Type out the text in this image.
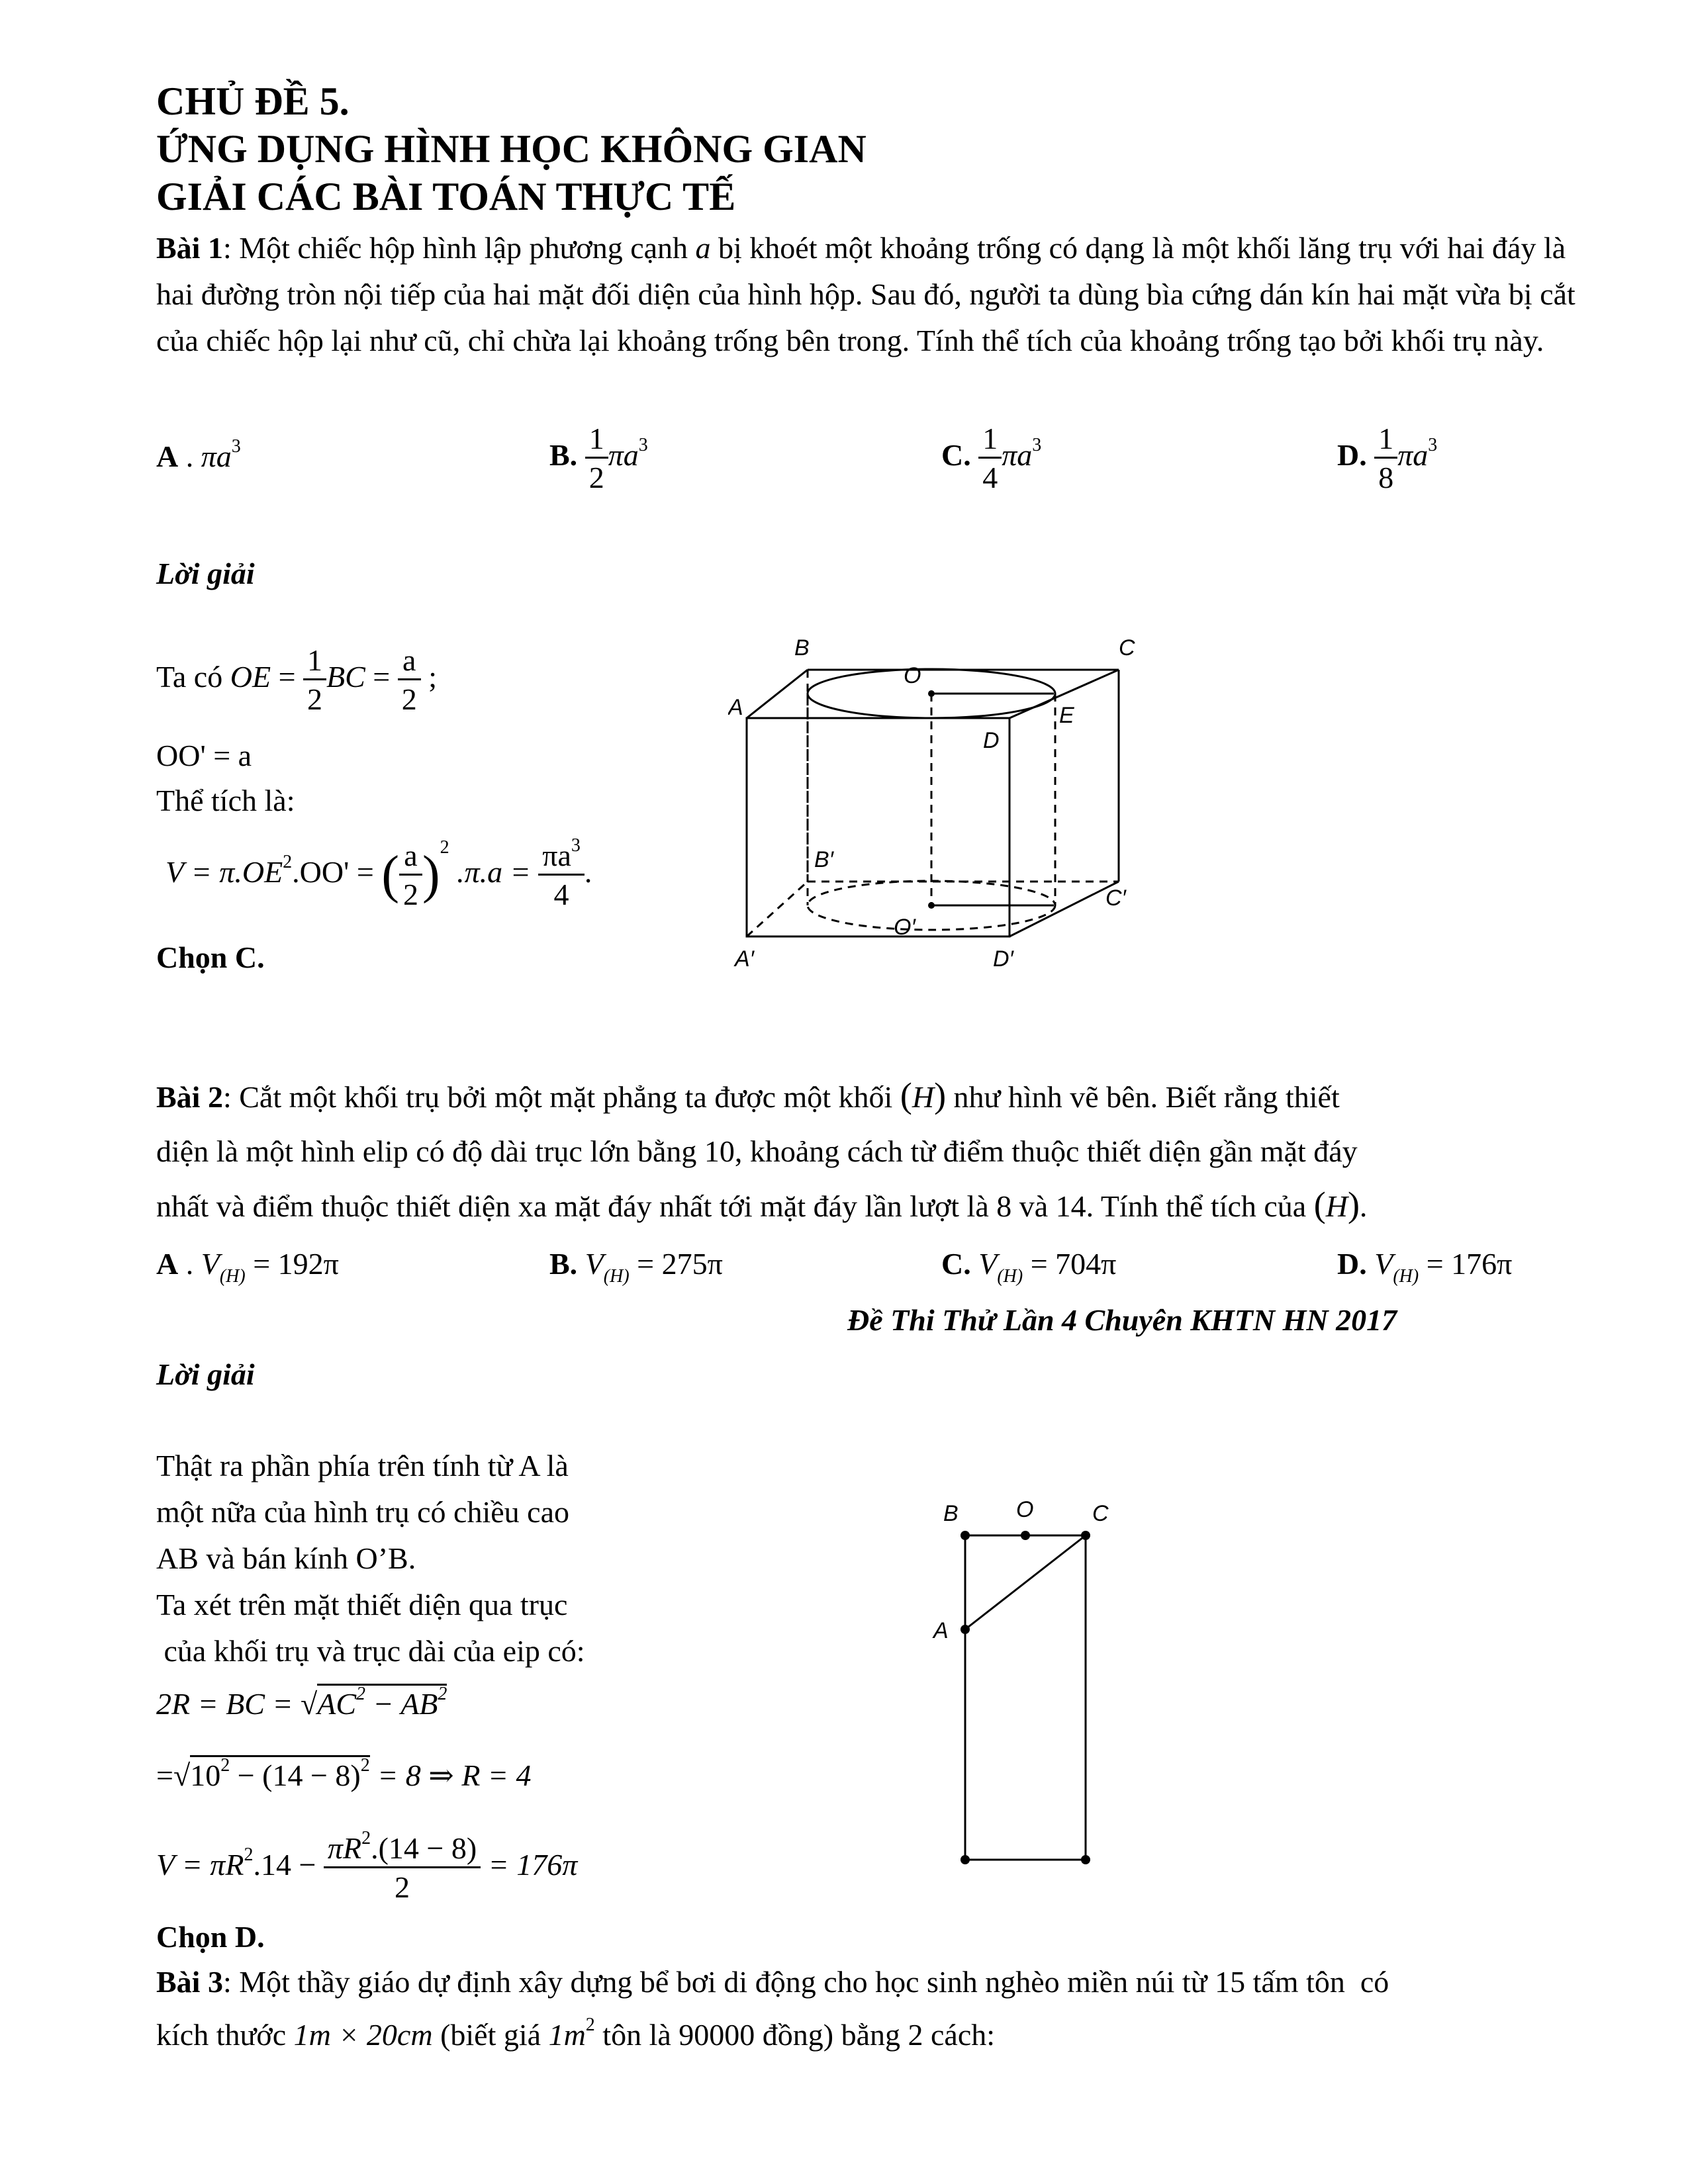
CHỦ ĐỀ 5.
ỨNG DỤNG HÌNH HỌC KHÔNG GIAN
GIẢI CÁC BÀI TOÁN THỰC TẾ
Bài 1: Một chiếc hộp hình lập phương cạnh a bị khoét một khoảng trống có dạng là một khối lăng trụ với hai đáy là hai đường tròn nội tiếp của hai mặt đối diện của hình hộp. Sau đó, người ta dùng bìa cứng dán kín hai mặt vừa bị cắt của chiếc hộp lại như cũ, chỉ chừa lại khoảng trống bên trong. Tính thể tích của khoảng trống tạo bởi khối trụ này.
A . $\pi a^3$	B. $\frac{1}{2} \pi a^3$	C. $\frac{1}{4} \pi a^3$	D. $\frac{1}{8} \pi a^3$
Lời giải
Ta có OE = $\frac{1}{2}$ BC = $\frac{a}{2}$ ;
OO' = a
Thể tích là:
$V = \pi.OE^2.OO'$ = ( $\frac{a}{2} )^2$ $.\pi.a = \frac{\pi a^3}{4}$ .
Chọn C.
B	C
O
A	E
D
B′
C′
O′
A′	D′
Bài 2: Cắt một khối trụ bởi một mặt phẳng ta được một khối (H) như hình vẽ bên. Biết rằng thiết
diện là một hình elip có độ dài trục lớn bằng 10, khoảng cách từ điểm thuộc thiết diện gần mặt đáy
nhất và điểm thuộc thiết diện xa mặt đáy nhất tới mặt đáy lần lượt là 8 và 14. Tính thể tích của (H).
A . $V_{(H)} = 192\pi$	B. $V_{(H)} = 275\pi$	C. $V_{(H)} = 704\pi$	D. $V_{(H)} = 176\pi$
Đề Thi Thử Lần 4 Chuyên KHTN HN 2017
Lời giải
Thật ra phần phía trên tính từ A là
một nữa của hình trụ có chiều cao
AB và bán kính O’B.
Ta xét trên mặt thiết diện qua trục
của khối trụ và trục dài của eip có:
2R = BC = $√AC^2 - AB^2$
$=√10^2 - (14 - 8)^2 = 8$ ⇒ R = 4
$V = \pi R^2.14 - \frac{\pi R^2.(14 - 8)}{2} = 176\pi$
Chọn D.
B	O	C
A
Bài 3: Một thầy giáo dự định xây dựng bể bơi di động cho học sinh nghèo miền núi từ 15 tấm tôn  có
kích thước 1m × 20cm (biết giá $1m^2$ tôn là 90000 đồng) bằng 2 cách:
